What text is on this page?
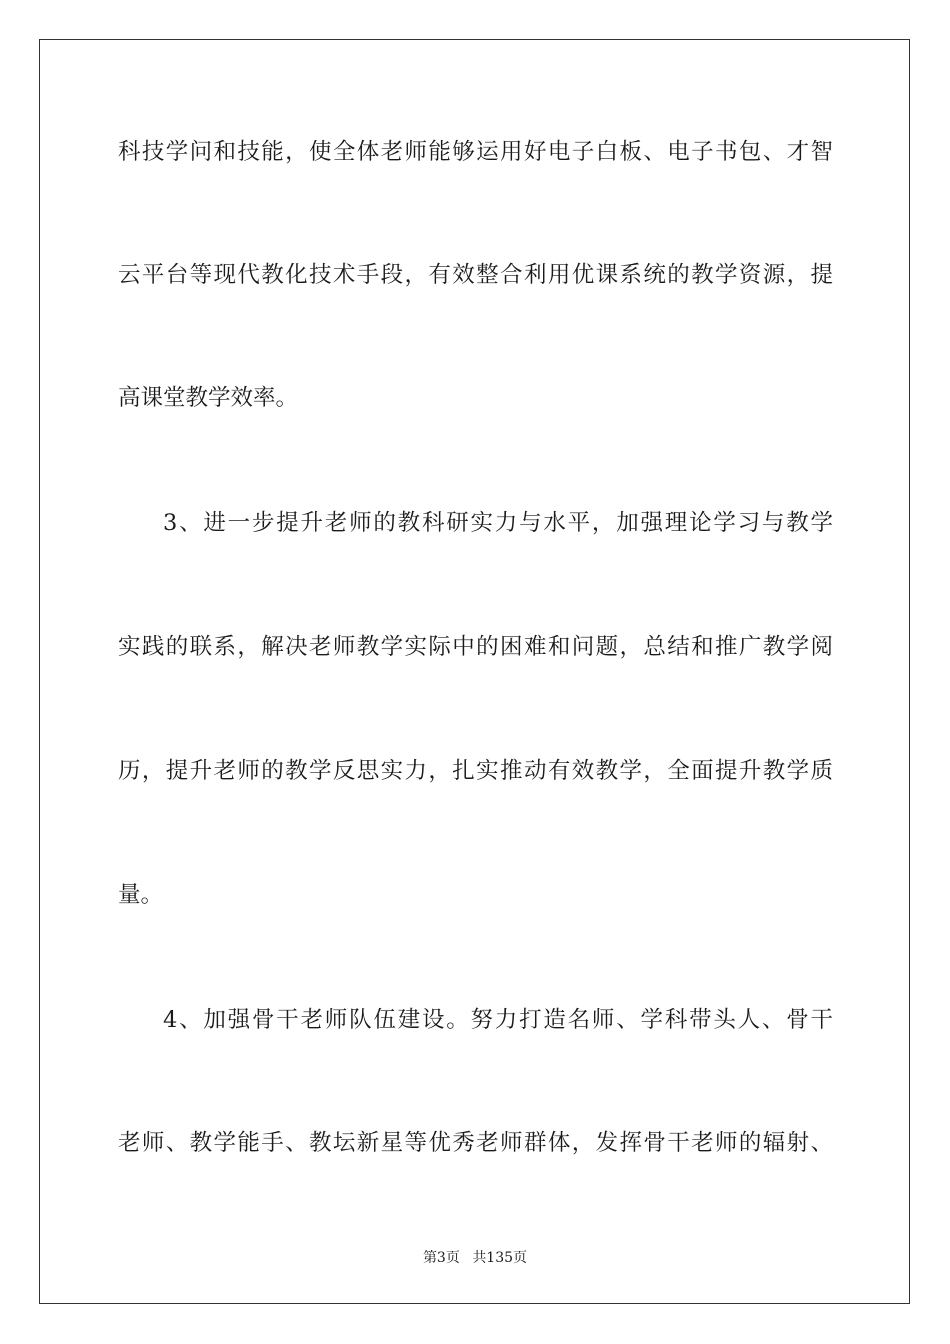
科技学问和技能，使全体老师能够运用好电子白板、电子书包、才智
云平台等现代教化技术手段，有效整合利用优课系统的教学资源，提
高课堂教学效率。
3、进一步提升老师的教科研实力与水平，加强理论学习与教学
实践的联系，解决老师教学实际中的困难和问题，总结和推广教学阅
历，提升老师的教学反思实力，扎实推动有效教学，全面提升教学质
量。
4、加强骨干老师队伍建设。努力打造名师、学科带头人、骨干
老师、教学能手、教坛新星等优秀老师群体，发挥骨干老师的辐射、
第3页 共135页
